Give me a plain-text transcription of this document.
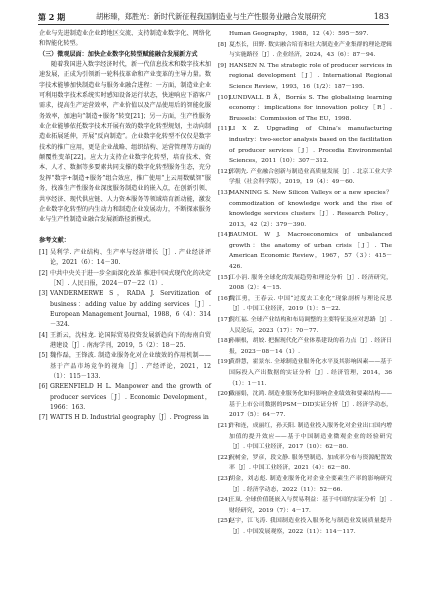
第 2 期	胡彬臻，郑胜光：新时代新征程我国制造业与生产性服务业融合发展研究	183

企业与先进制造业企业跨地区交流、支持制造业数字化、网络化和智能化转型。

（三）微观层面：加快企业数字化转型赋能融合发展新方式

随着我国进入数字经济时代，新一代信息技术和数字技术加速发展，正成为引领新一轮科技革命和产业变革的主导力量。数字技术能够加快制造业与服务业融合进程：一方面，制造业企业可利用数字技术系统实时感知设备运行状态，快速响应下游客户需求，提高生产运营效率，产业价值以及产品使用后的智能化服务效率，加速向“制造+服务”转变[21]；另一方面，生产性服务业企业能够依托数字技术开展有效的数字化转型规划，主动向制造业拓展延伸，开展“反向制造”。企业数字化转型不仅仅是数字技术的推广应用，更是企业战略、组织结构、运营管理等方面的颠覆性变革[22]。应大力支持企业数字化转型，培育技术、资本、人才、数据等多要素共同支撑的数字化转型服务生态，充分发挥“数字+制造+服务”组合效应，推广使用“上云用数赋智”服务，找准生产性服务业深度服务制造业的嵌入点，在创新引领、共享经济、现代供应链、人力资本服务等领域培育新动能，激发企业数字化转型的内生动力和制造企业发展动力，不断探索服务业与生产性制造业融合发展新路径新模式。

参考文献：

[1] 吴利学. 产业结构、生产率与经济增长［J］. 产业经济评论，2021（6）：14－30.
[2] 中共中央关于进一步全面深化改革 推进中国式现代化的决定［N］. 人民日报，2024－07－22（1）.
[3] VANDERMERWE S，RADA J. Servitization of business：adding value by adding services［J］. European Management Journal，1988，6（4）：314－324.
[4] 王新云，沈桂龙. 论国际贸易投资发展新趋向下的海南自贸港建设［J］. 南海学刊，2019，5（2）：18－25.
[5] 魏作磊，王锋波. 制造业服务化对企业绩效的作用机制——基于产品市场竞争的视角［J］. 产经评论，2021，12（1）：115－133.
[6] GREENFIELD H L. Manpower and the growth of producer services［J］. Economic Development，1966：163.
[7] WATTS H D. Industrial geography［J］. Progress in
Human Geography，1988，12（4）：595－597.
[8] 夏杰长，田野. 数实融合培育和壮大制造业产业集群的理论逻辑与实施路径［J］. 企业经济，2024，43（6）：87－94.
[9] HANSEN N. The strategic role of producer services in regional development［J］. International Regional Science Review，1993，16（1/2）：187－195.
[10]
LUNDVALL B Å，Borrás S. The globalising learning economy：implications for innovation policy［R］. Brussels：Commission of The EU，1998.
[11]
LI X Z. Upgrading of China’s manufacturing industry：two-sector analysis based on the facilitation of producer services［J］. Procedia Environmental Sciences，2011（10）：307－312.
[12]
郭朝先. 产业融合创新与制造业高质量发展［J］. 北京工业大学学报（社会科学版），2019，19（4）：49－60.
[13]
MANNING S. New Silicon Valleys or a new species？commodization of knowledge work and the rise of knowledge services clusters［J］. Research Policy，2013，42（2）：379－390.
[14]
BAUMOL W J. Macroeconomics of unbalanced growth：the anatomy of urban crisis［J］. The American Economic Review，1967，57（3）：415－426.
[15]
江小涓. 服务全球化的发展趋势和理论分析［J］. 经济研究，2008（2）：4－15.
[16]
魏江勇，王春云. 中国“过度去工业化”现象剖析与理论反思［J］. 中国工业经济，2019（1）：5－22.
[17]
倪红福. 全球产业结构和布局调整的主要特征及应对思路［J］. 人民论坛，2023（17）：70－77.
[18]
孙顺根，胡姣. 把握现代化产业体系建设的着力点［J］. 经济日报，2023－08－14（1）.
[19]
黄群慧，霍景东. 全球制造业服务化水平及其影响因素——基于国际投入产出数据的实证分析［J］. 经济管理，2014，36（1）：1－11.
[20]
戴丽娟，沈鸿. 制造业服务化如何影响企业绩效和要素结构——基于上市公司数据的PSM－DID实证分析［J］. 经济学动态，2017（5）：64－77.
[21]
许和连，成丽红，孙天阳. 制造业投入服务化对企业出口国内增加值的提升效应——基于中国制造业微观企业的经验研究［J］. 中国工业经济，2017（10）：62－80.
[22]
祝树金，罗彦，段文静. 服务型制造、加成率分布与资源配置效率［J］. 中国工业经济，2021（4）：62－80.
[23]
胡金，刘志彪. 制造业服务化对企业全要素生产率的影响研究［J］. 经济学动态，2022（11）：52－66.
[24]
王岚. 全球价值链嵌入与贸易利益：基于中国的实证分析［J］. 财经研究，2019（7）：4－17.
[25]
赵宇，江飞涛. 我国制造业投入服务化与制造业发展质量提升［J］. 中国发展观察，2022（11）：114－117.
